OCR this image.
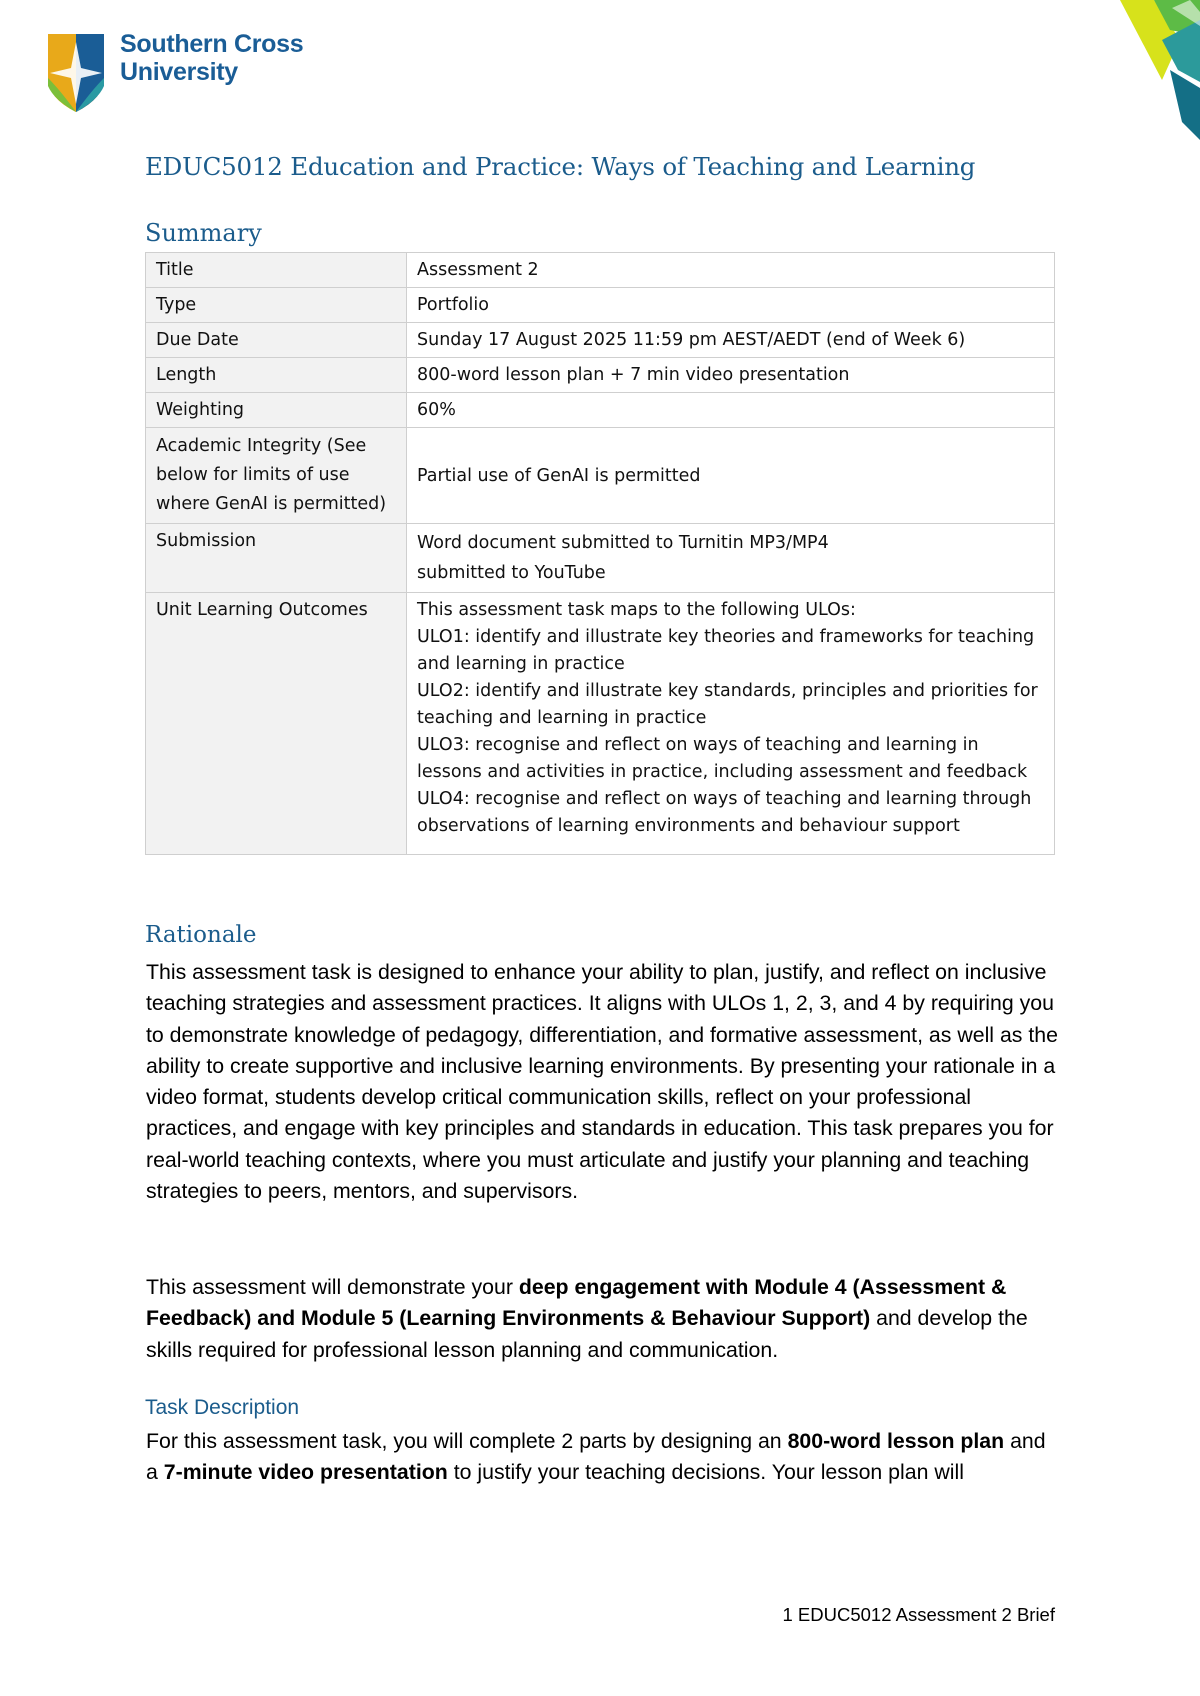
Southern Cross
University
EDUC5012 Education and Practice: Ways of Teaching and Learning
Summary
Title	Assessment 2
Type	Portfolio
Due Date	Sunday 17 August 2025 11:59 pm AEST/AEDT (end of Week 6)
Length	800-word lesson plan + 7 min video presentation
Weighting	60%
Academic Integrity (See below for limits of use where GenAI is permitted)	Partial use of GenAI is permitted
Submission	Word document submitted to Turnitin MP3/MP4
submitted to YouTube

Unit Learning Outcomes	This assessment task maps to the following ULOs:
ULO1: identify and illustrate key theories and frameworks for teaching and learning in practice
ULO2: identify and illustrate key standards, principles and priorities for teaching and learning in practice
ULO3: recognise and reflect on ways of teaching and learning in lessons and activities in practice, including assessment and feedback
ULO4: recognise and reflect on ways of teaching and learning through observations of learning environments and behaviour support
Rationale

This assessment task is designed to enhance your ability to plan, justify, and reflect on inclusive teaching strategies and assessment practices. It aligns with ULOs 1, 2, 3, and 4 by requiring you to demonstrate knowledge of pedagogy, differentiation, and formative assessment, as well as the ability to create supportive and inclusive learning environments. By presenting your rationale in a video format, students develop critical communication skills, reflect on your professional practices, and engage with key principles and standards in education. This task prepares you for real-world teaching contexts, where you must articulate and justify your planning and teaching strategies to peers, mentors, and supervisors.

This assessment will demonstrate your deep engagement with Module 4 (Assessment & Feedback) and Module 5 (Learning Environments & Behaviour Support) and develop the skills required for professional lesson planning and communication.

Task Description

For this assessment task, you will complete 2 parts by designing an 800-word lesson plan and a 7-minute video presentation to justify your teaching decisions. Your lesson plan will

1 EDUC5012 Assessment 2 Brief
